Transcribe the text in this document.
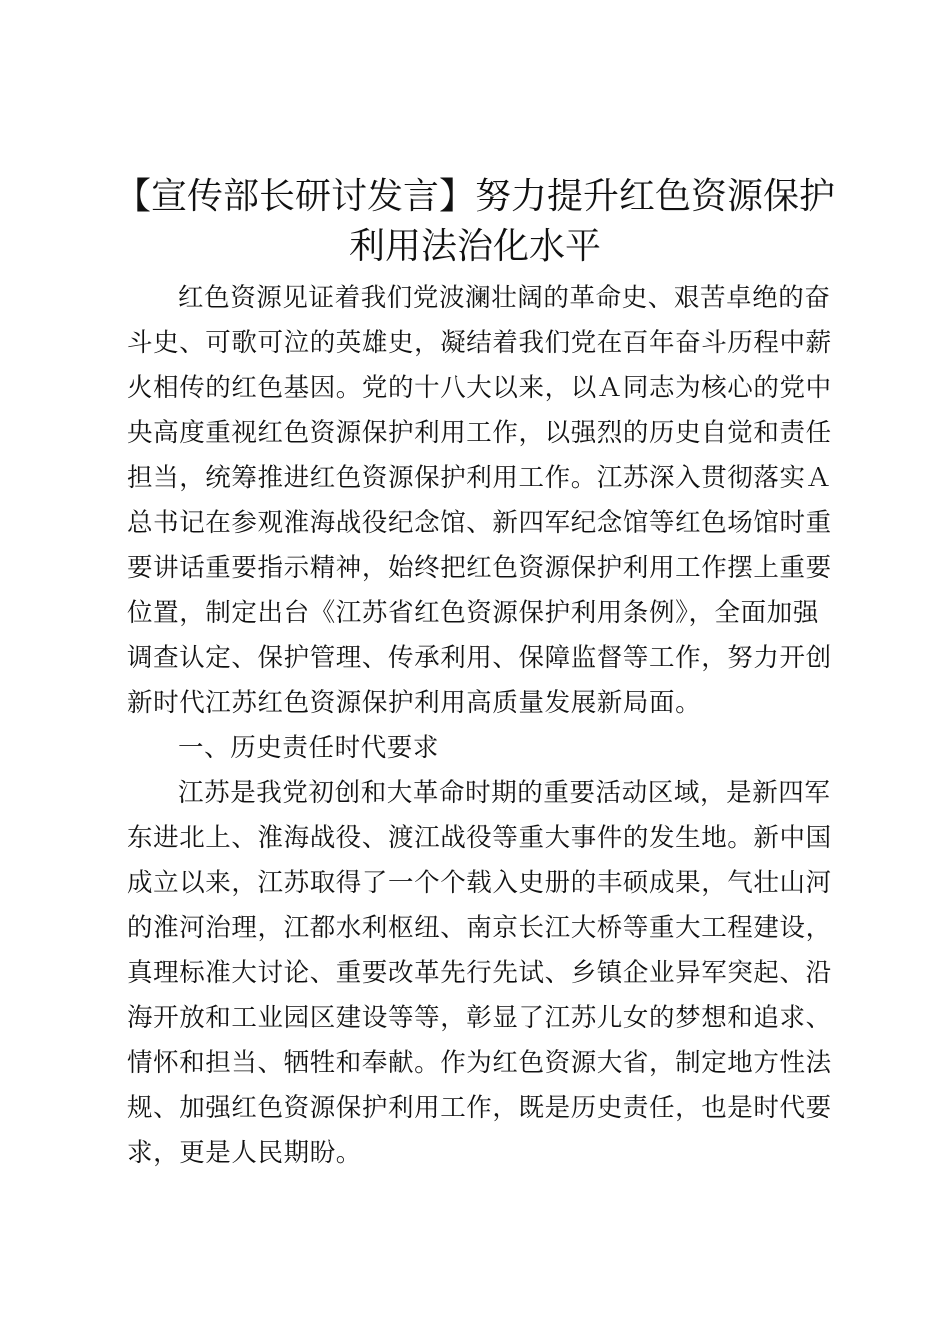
【宣传部长研讨发言】努力提升红色资源保护
利用法治化水平
红色资源见证着我们党波澜壮阔的革命史、艰苦卓绝的奋
斗史、可歌可泣的英雄史，凝结着我们党在百年奋斗历程中薪
火相传的红色基因。党的十八大以来，以Ａ同志为核心的党中
央高度重视红色资源保护利用工作，以强烈的历史自觉和责任
担当，统筹推进红色资源保护利用工作。江苏深入贯彻落实Ａ
总书记在参观淮海战役纪念馆、新四军纪念馆等红色场馆时重
要讲话重要指示精神，始终把红色资源保护利用工作摆上重要
位置，制定出台《江苏省红色资源保护利用条例》，全面加强
调查认定、保护管理、传承利用、保障监督等工作，努力开创
新时代江苏红色资源保护利用高质量发展新局面。
一、历史责任时代要求
江苏是我党初创和大革命时期的重要活动区域，是新四军
东进北上、淮海战役、渡江战役等重大事件的发生地。新中国
成立以来，江苏取得了一个个载入史册的丰硕成果，气壮山河
的淮河治理，江都水利枢纽、南京长江大桥等重大工程建设，
真理标准大讨论、重要改革先行先试、乡镇企业异军突起、沿
海开放和工业园区建设等等，彰显了江苏儿女的梦想和追求、
情怀和担当、牺牲和奉献。作为红色资源大省，制定地方性法
规、加强红色资源保护利用工作，既是历史责任，也是时代要
求，更是人民期盼。
